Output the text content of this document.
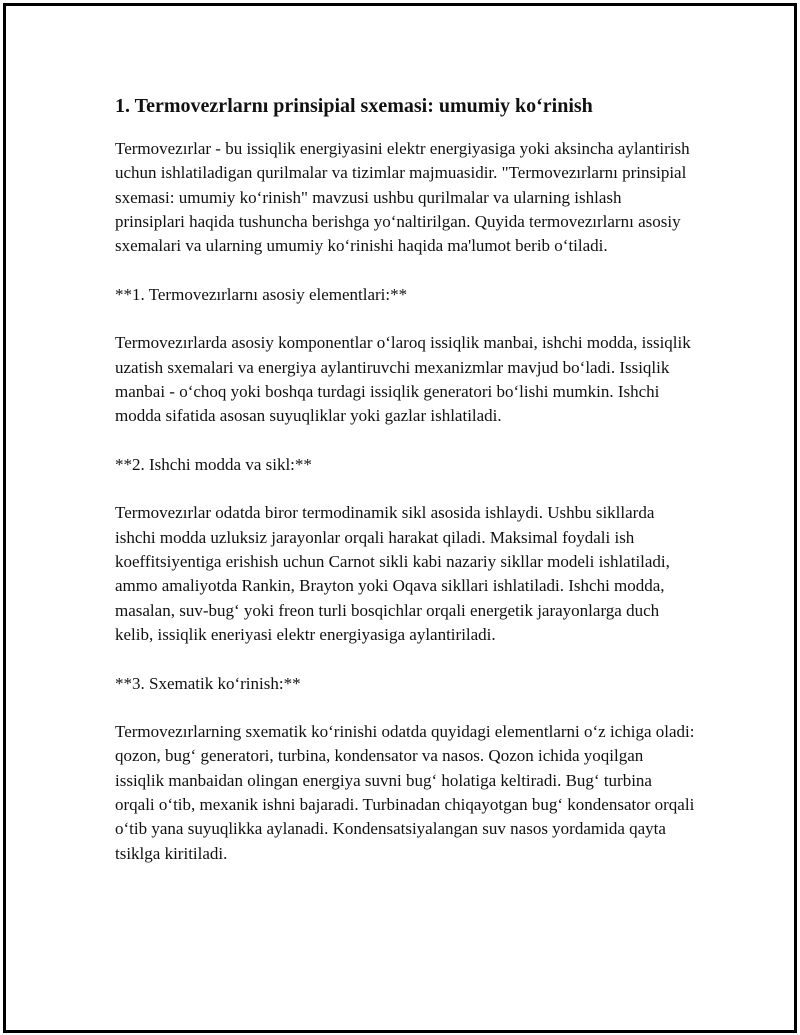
1. Termovezrlarnı prinsipial sxemasi: umumiy ko‘rinish

Termovezırlar - bu issiqlik energiyasini elektr energiyasiga yoki aksincha aylantirish uchun ishlatiladigan qurilmalar va tizimlar majmuasidir. "Termovezırlarnı prinsipial sxemasi: umumiy ko‘rinish" mavzusi ushbu qurilmalar va ularning ishlash prinsiplari haqida tushuncha berishga yo‘naltirilgan. Quyida termovezırlarnı asosiy sxemalari va ularning umumiy ko‘rinishi haqida ma'lumot berib o‘tiladi.

**1. Termovezırlarnı asosiy elementlari:**

Termovezırlarda asosiy komponentlar o‘laroq issiqlik manbai, ishchi modda, issiqlik uzatish sxemalari va energiya aylantiruvchi mexanizmlar mavjud bo‘ladi. Issiqlik manbai - o‘choq yoki boshqa turdagi issiqlik generatori bo‘lishi mumkin. Ishchi modda sifatida asosan suyuqliklar yoki gazlar ishlatiladi.

**2. Ishchi modda va sikl:**

Termovezırlar odatda biror termodinamik sikl asosida ishlaydi. Ushbu sikllarda ishchi modda uzluksiz jarayonlar orqali harakat qiladi. Maksimal foydali ish koeffitsiyentiga erishish uchun Carnot sikli kabi nazariy sikllar modeli ishlatiladi, ammo amaliyotda Rankin, Brayton yoki Oqava sikllari ishlatiladi. Ishchi modda, masalan, suv-bug‘ yoki freon turli bosqichlar orqali energetik jarayonlarga duch kelib, issiqlik eneriyasi elektr energiyasiga aylantiriladi.

**3. Sxematik ko‘rinish:**

Termovezırlarning sxematik ko‘rinishi odatda quyidagi elementlarni o‘z ichiga oladi: qozon, bug‘ generatori, turbina, kondensator va nasos. Qozon ichida yoqilgan issiqlik manbaidan olingan energiya suvni bug‘ holatiga keltiradi. Bug‘ turbina orqali o‘tib, mexanik ishni bajaradi. Turbinadan chiqayotgan bug‘ kondensator orqali o‘tib yana suyuqlikka aylanadi. Kondensatsiyalangan suv nasos yordamida qayta tsiklga kiritiladi.
